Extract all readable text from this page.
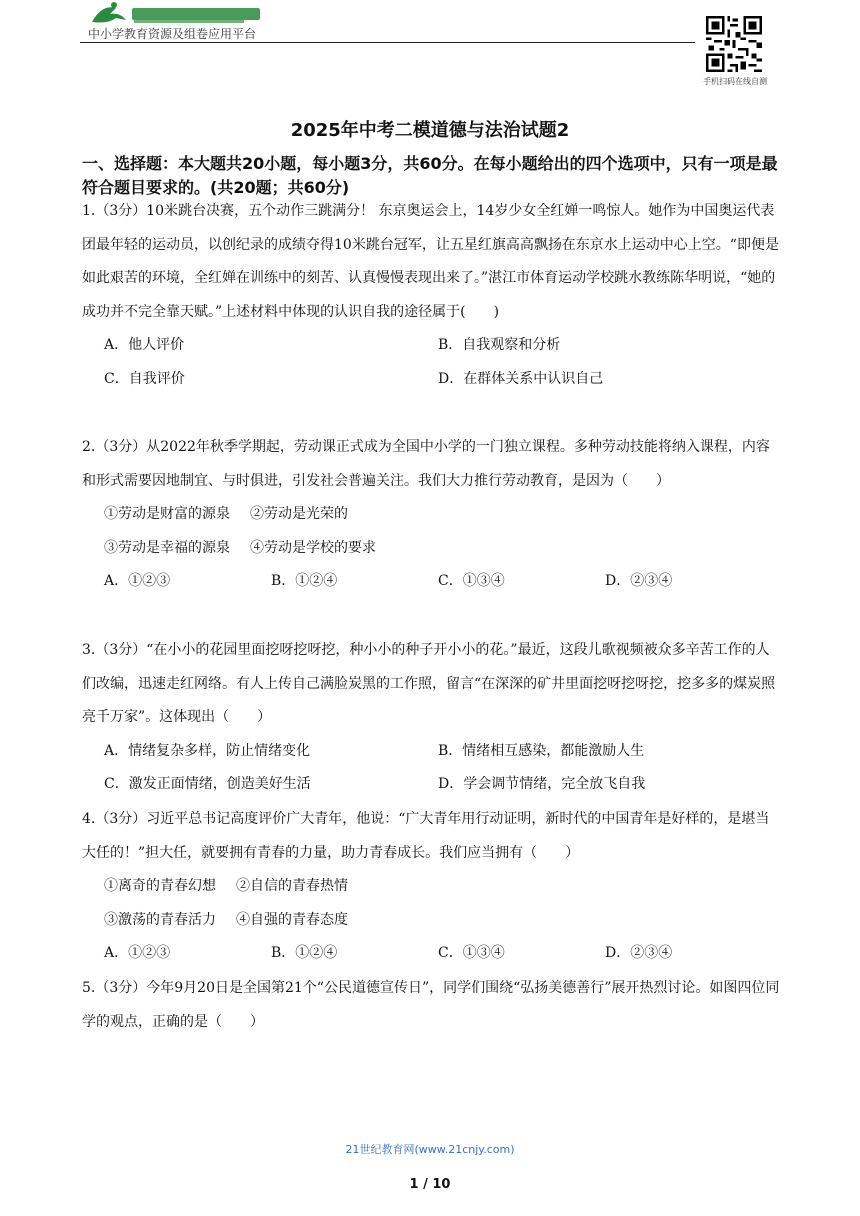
中小学教育资源及组卷应用平台
手机扫码在线自测
2025年中考二模道德与法治试题2
一、选择题：本大题共20小题，每小题3分，共60分。在每小题给出的四个选项中，只有一项是最符合题目要求的。(共20题；共60分)

1.（3分）10米跳台决赛，五个动作三跳满分！ 东京奥运会上，14岁少女全红婵一鸣惊人。她作为中国奥运代表团最年轻的运动员，以创纪录的成绩夺得10米跳台冠军，让五星红旗高高飘扬在东京水上运动中心上空。“即便是如此艰苦的环境，全红婵在训练中的刻苦、认真慢慢表现出来了。”湛江市体育运动学校跳水教练陈华明说，“她的成功并不完全靠天赋。”上述材料中体现的认识自我的途径属于(　　)

A．他人评价	B．自我观察和分析
C．自我评价	D．在群体关系中认识自己

2.（3分）从2022年秋季学期起，劳动课正式成为全国中小学的一门独立课程。多种劳动技能将纳入课程，内容和形式需要因地制宜、与时俱进，引发社会普遍关注。我们大力推行劳动教育，是因为（　　）

①劳动是财富的源泉 ②劳动是光荣的
③劳动是幸福的源泉 ④劳动是学校的要求
A．①②③	B．①②④	C．①③④	D．②③④

3.（3分）“在小小的花园里面挖呀挖呀挖，种小小的种子开小小的花。”最近，这段儿歌视频被众多辛苦工作的人们改编，迅速走红网络。有人上传自己满脸炭黑的工作照，留言“在深深的矿井里面挖呀挖呀挖，挖多多的煤炭照亮千万家”。这体现出（　　）

A．情绪复杂多样，防止情绪变化	B．情绪相互感染，都能激励人生
C．激发正面情绪，创造美好生活	D．学会调节情绪，完全放飞自我

4.（3分）习近平总书记高度评价广大青年，他说：“广大青年用行动证明，新时代的中国青年是好样的，是堪当大任的！”担大任，就要拥有青春的力量，助力青春成长。我们应当拥有（　　）

①离奇的青春幻想 ②自信的青春热情
③激荡的青春活力 ④自强的青春态度
A．①②③	B．①②④	C．①③④	D．②③④

5.（3分）今年9月20日是全国第21个“公民道德宣传日”，同学们围绕“弘扬美德善行”展开热烈讨论。如图四位同学的观点，正确的是（　　）

21世纪教育网(www.21cnjy.com)
1 / 10
